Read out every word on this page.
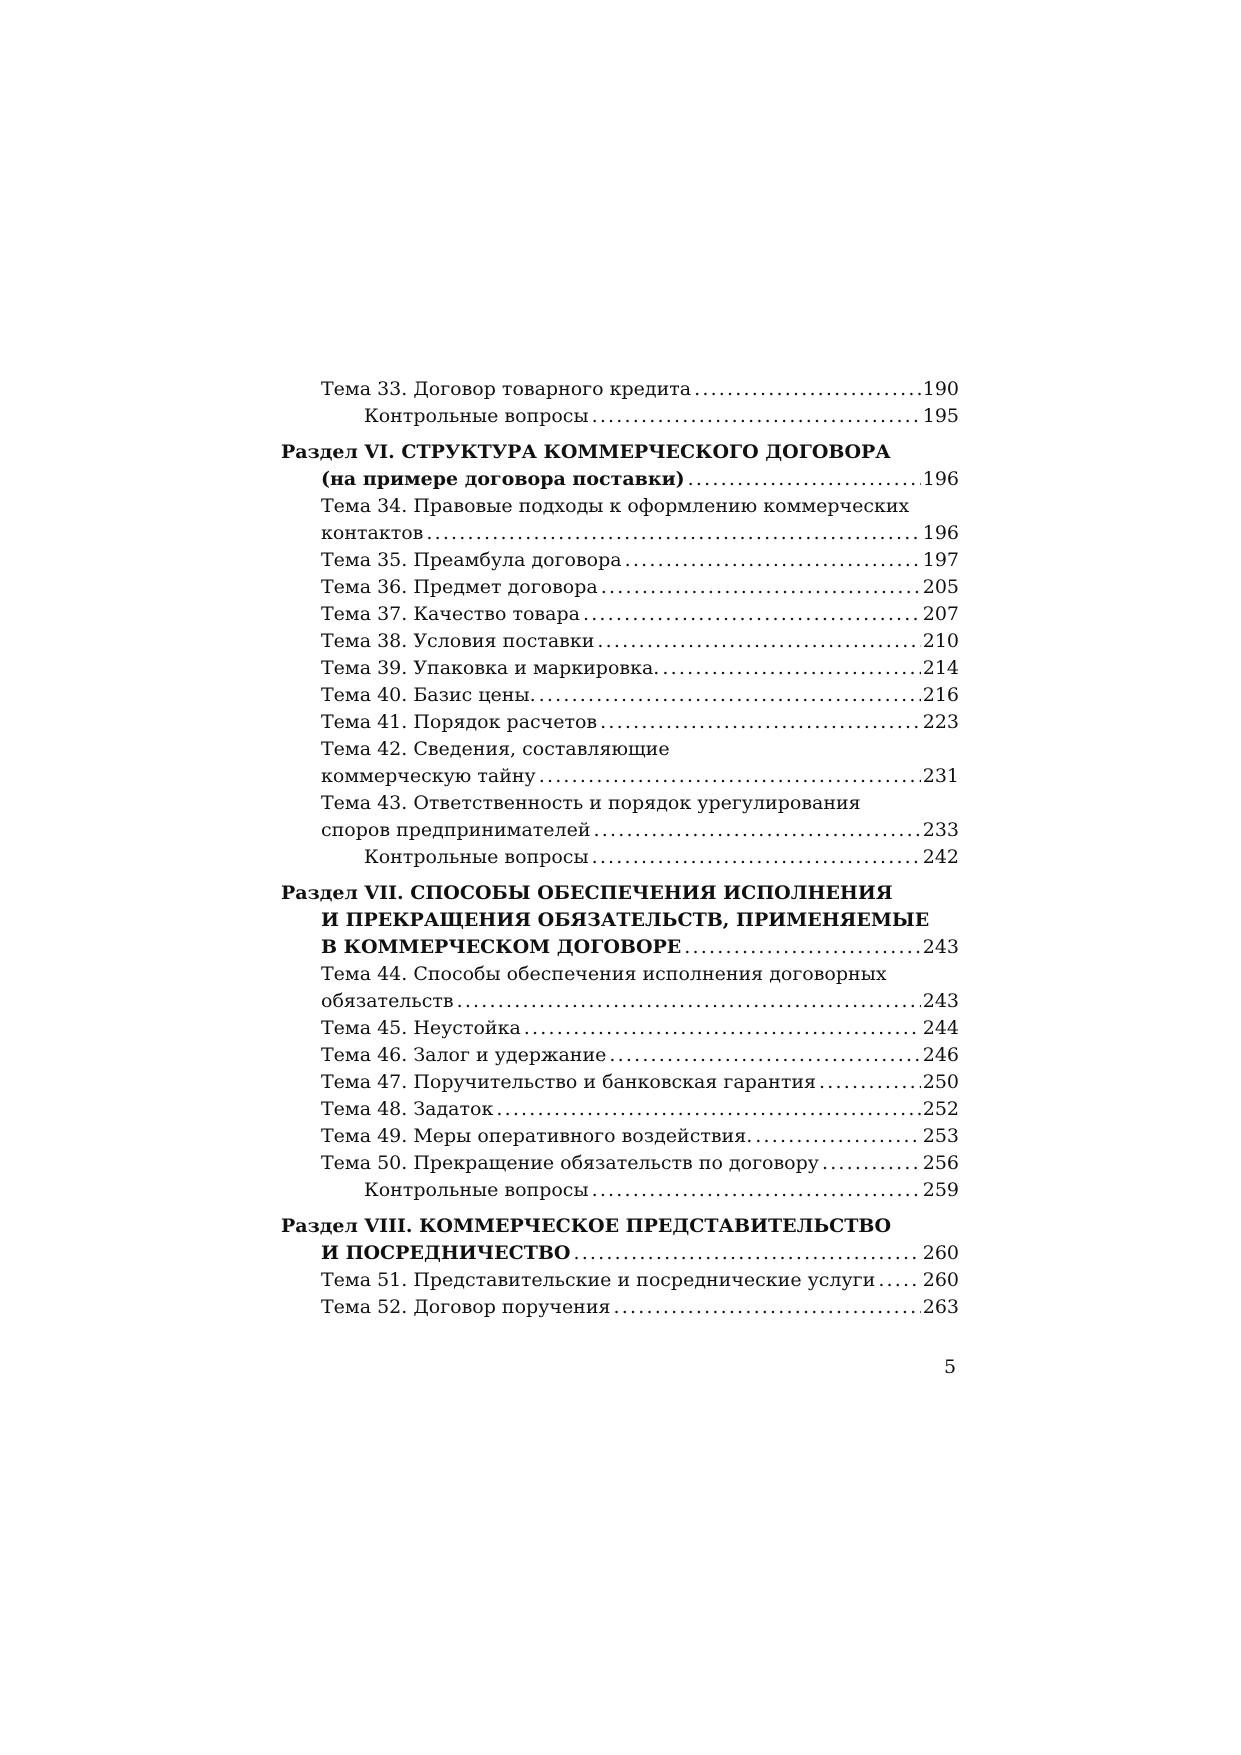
Тема 33. Договор товарного кредита .....	190
Контрольные вопросы .....	195
Раздел VI. СТРУКТУРА КОММЕРЧЕСКОГО ДОГОВОРА
(на примере договора поставки) .....	196
Тема 34. Правовые подходы к оформлению коммерческих
контактов .....	196
Тема 35. Преамбула договора .....	197
Тема 36. Предмет договора .....	205
Тема 37. Качество товара .....	207
Тема 38. Условия поставки .....	210
Тема 39. Упаковка и маркировка. .....	214
Тема 40. Базис цены. .....	216
Тема 41. Порядок расчетов .....	223
Тема 42. Сведения, составляющие
коммерческую тайну .....	231
Тема 43. Ответственность и порядок урегулирования
споров предпринимателей .....	233
Контрольные вопросы .....	242
Раздел VII. СПОСОБЫ ОБЕСПЕЧЕНИЯ ИСПОЛНЕНИЯ
И ПРЕКРАЩЕНИЯ ОБЯЗАТЕЛЬСТВ, ПРИМЕНЯЕМЫЕ
В КОММЕРЧЕСКОМ ДОГОВОРЕ .....	243
Тема 44. Способы обеспечения исполнения договорных
обязательств .....	243
Тема 45. Неустойка .....	244
Тема 46. Залог и удержание .....	246
Тема 47. Поручительство и банковская гарантия .....	250
Тема 48. Задаток .....	252
Тема 49. Меры оперативного воздействия. .....	253
Тема 50. Прекращение обязательств по договору .....	256
Контрольные вопросы .....	259
Раздел VIII. КОММЕРЧЕСКОЕ ПРЕДСТАВИТЕЛЬСТВО
И ПОСРЕДНИЧЕСТВО .....	260
Тема 51. Представительские и посреднические услуги ..... 260
Тема 52. Договор поручения .....	263
5
